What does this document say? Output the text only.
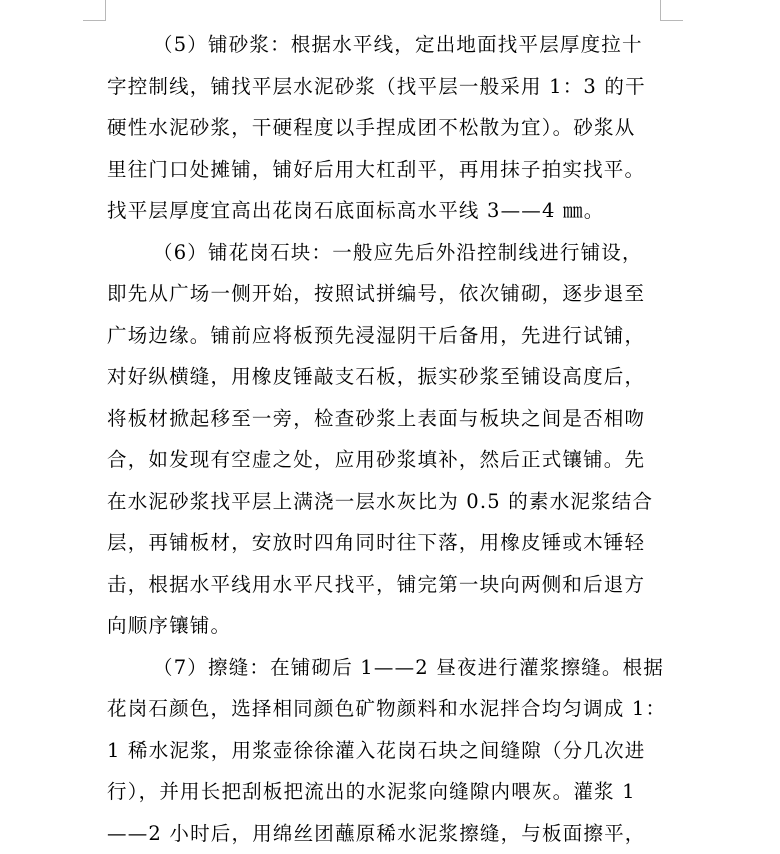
（5）铺砂浆：根据水平线，定出地面找平层厚度拉十
字控制线，铺找平层水泥砂浆（找平层一般采用 1：3 的干
硬性水泥砂浆，干硬程度以手捏成团不松散为宜）。砂浆从
里往门口处摊铺，铺好后用大杠刮平，再用抹子拍实找平。
找平层厚度宜高出花岗石底面标高水平线 3——4 ㎜。

（6）铺花岗石块：一般应先后外沿控制线进行铺设，
即先从广场一侧开始，按照试拼编号，依次铺砌，逐步退至
广场边缘。铺前应将板预先浸湿阴干后备用，先进行试铺，
对好纵横缝，用橡皮锤敲支石板，振实砂浆至铺设高度后，
将板材掀起移至一旁，检查砂浆上表面与板块之间是否相吻
合，如发现有空虚之处，应用砂浆填补，然后正式镶铺。先
在水泥砂浆找平层上满浇一层水灰比为 0.5 的素水泥浆结合
层，再铺板材，安放时四角同时往下落，用橡皮锤或木锤轻
击，根据水平线用水平尺找平，铺完第一块向两侧和后退方
向顺序镶铺。

（7）擦缝：在铺砌后 1——2 昼夜进行灌浆擦缝。根据
花岗石颜色，选择相同颜色矿物颜料和水泥拌合均匀调成 1：
1 稀水泥浆，用浆壶徐徐灌入花岗石块之间缝隙（分几次进
行），并用长把刮板把流出的水泥浆向缝隙内喂灰。灌浆 1
——2 小时后，用绵丝团蘸原稀水泥浆擦缝，与板面擦平，
